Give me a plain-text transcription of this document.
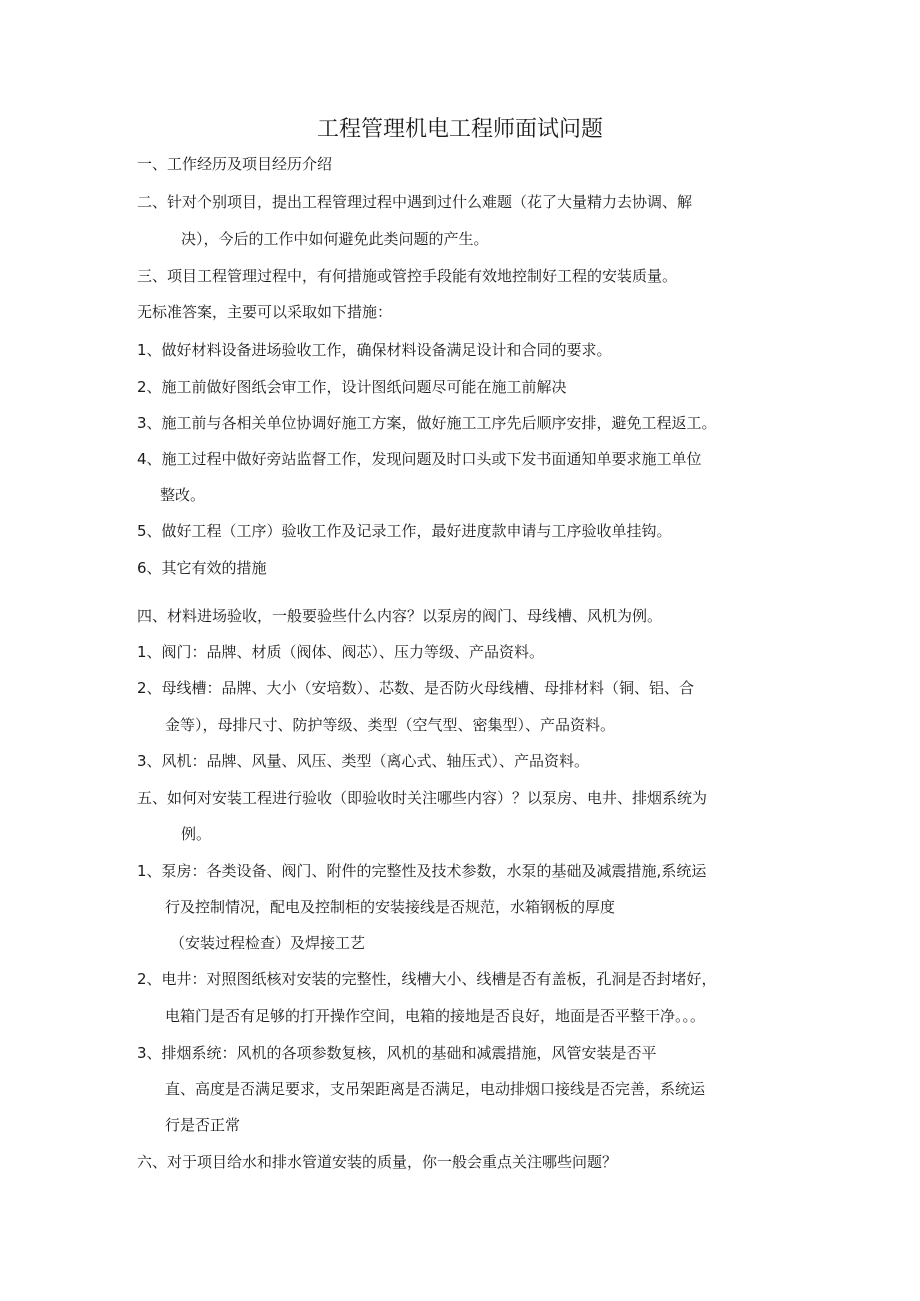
工程管理机电工程师面试问题
一、工作经历及项目经历介绍
二、针对个别项目，提出工程管理过程中遇到过什么难题（花了大量精力去协调、解
决），今后的工作中如何避免此类问题的产生。
三、项目工程管理过程中，有何措施或管控手段能有效地控制好工程的安装质量。
无标准答案，主要可以采取如下措施：
1、做好材料设备进场验收工作，确保材料设备满足设计和合同的要求。
2、施工前做好图纸会审工作，设计图纸问题尽可能在施工前解决
3、施工前与各相关单位协调好施工方案，做好施工工序先后顺序安排，避免工程返工。
4、施工过程中做好旁站监督工作，发现问题及时口头或下发书面通知单要求施工单位
整改。
5、做好工程（工序）验收工作及记录工作，最好进度款申请与工序验收单挂钩。
6、其它有效的措施
四、材料进场验收，一般要验些什么内容？以泵房的阀门、母线槽、风机为例。
1、阀门：品牌、材质（阀体、阀芯）、压力等级、产品资料。
2、母线槽：品牌、大小（安培数）、芯数、是否防火母线槽、母排材料（铜、铝、合
金等），母排尺寸、防护等级、类型（空气型、密集型）、产品资料。
3、风机：品牌、风量、风压、类型（离心式、轴压式）、产品资料。
五、如何对安装工程进行验收（即验收时关注哪些内容）？以泵房、电井、排烟系统为
例。
1、泵房：各类设备、阀门、附件的完整性及技术参数，水泵的基础及减震措施,系统运
行及控制情况，配电及控制柜的安装接线是否规范，水箱钢板的厚度
（安装过程检查）及焊接工艺
2、电井：对照图纸核对安装的完整性，线槽大小、线槽是否有盖板，孔洞是否封堵好，
电箱门是否有足够的打开操作空间，电箱的接地是否良好，地面是否平整干净。。。
3、排烟系统：风机的各项参数复核，风机的基础和减震措施，风管安装是否平
直、高度是否满足要求，支吊架距离是否满足，电动排烟口接线是否完善，系统运
行是否正常
六、对于项目给水和排水管道安装的质量，你一般会重点关注哪些问题？
